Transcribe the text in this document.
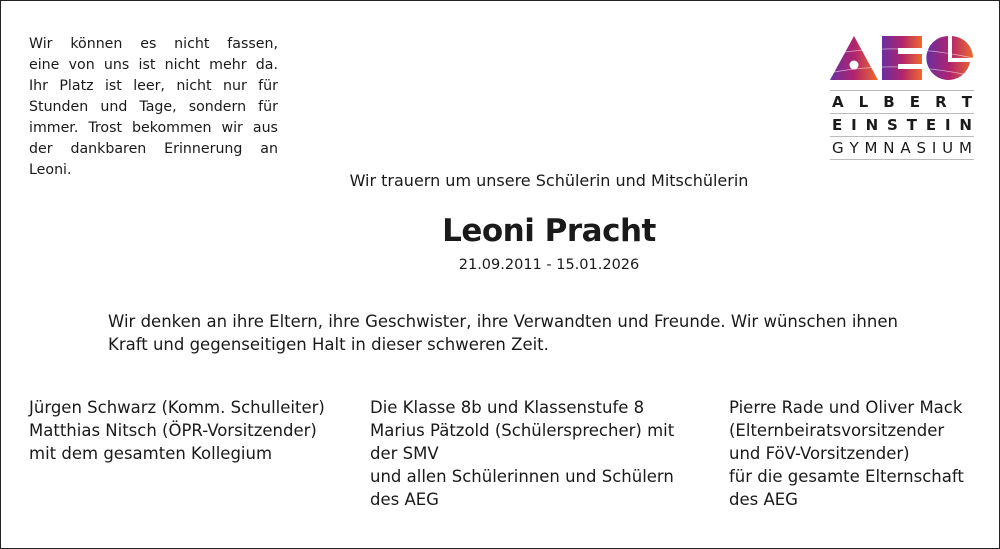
Wir können es nicht fassen,
eine von uns ist nicht mehr da.
Ihr Platz ist leer, nicht nur für
Stunden und Tage, sondern für
immer. Trost bekommen wir aus
der dankbaren Erinnerung an
Leoni.
A L B E R T
E I N S T E I N
G Y M N A S I U M
Wir trauern um unsere Schülerin und Mitschülerin
Leoni Pracht
21.09.2011 - 15.01.2026
Wir denken an ihre Eltern, ihre Geschwister, ihre Verwandten und Freunde. Wir wünschen ihnen
Kraft und gegenseitigen Halt in dieser schweren Zeit.
Jürgen Schwarz (Komm. Schulleiter)
Matthias Nitsch (ÖPR-Vorsitzender)
mit dem gesamten Kollegium
Die Klasse 8b und Klassenstufe 8
Marius Pätzold (Schülersprecher) mit
der SMV
und allen Schülerinnen und Schülern
des AEG
Pierre Rade und Oliver Mack
(Elternbeiratsvorsitzender
und FöV-Vorsitzender)
für die gesamte Elternschaft
des AEG
